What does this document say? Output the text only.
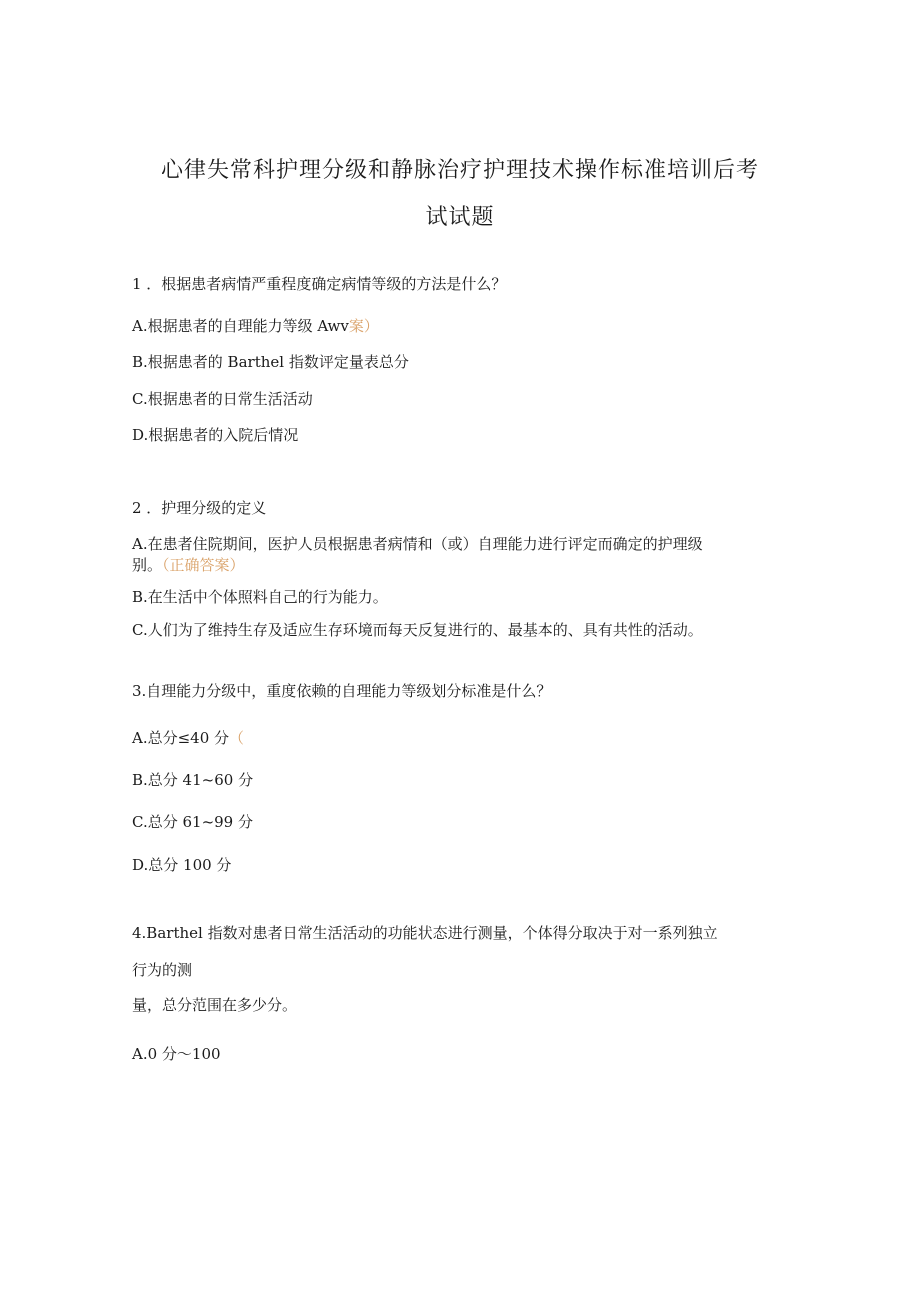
心律失常科护理分级和静脉治疗护理技术操作标准培训后考
试试题
1 ．根据患者病情严重程度确定病情等级的方法是什么？
A.根据患者的自理能力等级 Awv案）
B.根据患者的 Barthel 指数评定量表总分
C.根据患者的日常生活活动
D.根据患者的入院后情况
2 ．护理分级的定义
A.在患者住院期间，医护人员根据患者病情和（或）自理能力进行评定而确定的护理级
别。（正确答案）
B.在生活中个体照料自己的行为能力。
C.人们为了维持生存及适应生存环境而每天反复进行的、最基本的、具有共性的活动。
3.自理能力分级中，重度依赖的自理能力等级划分标准是什么？
A.总分≤40 分（
B.总分 41~60 分
C.总分 61~99 分
D.总分 100 分
4.Barthel 指数对患者日常生活活动的功能状态进行测量，个体得分取决于对一系列独立
行为的测
量，总分范围在多少分。
A.0 分～100
